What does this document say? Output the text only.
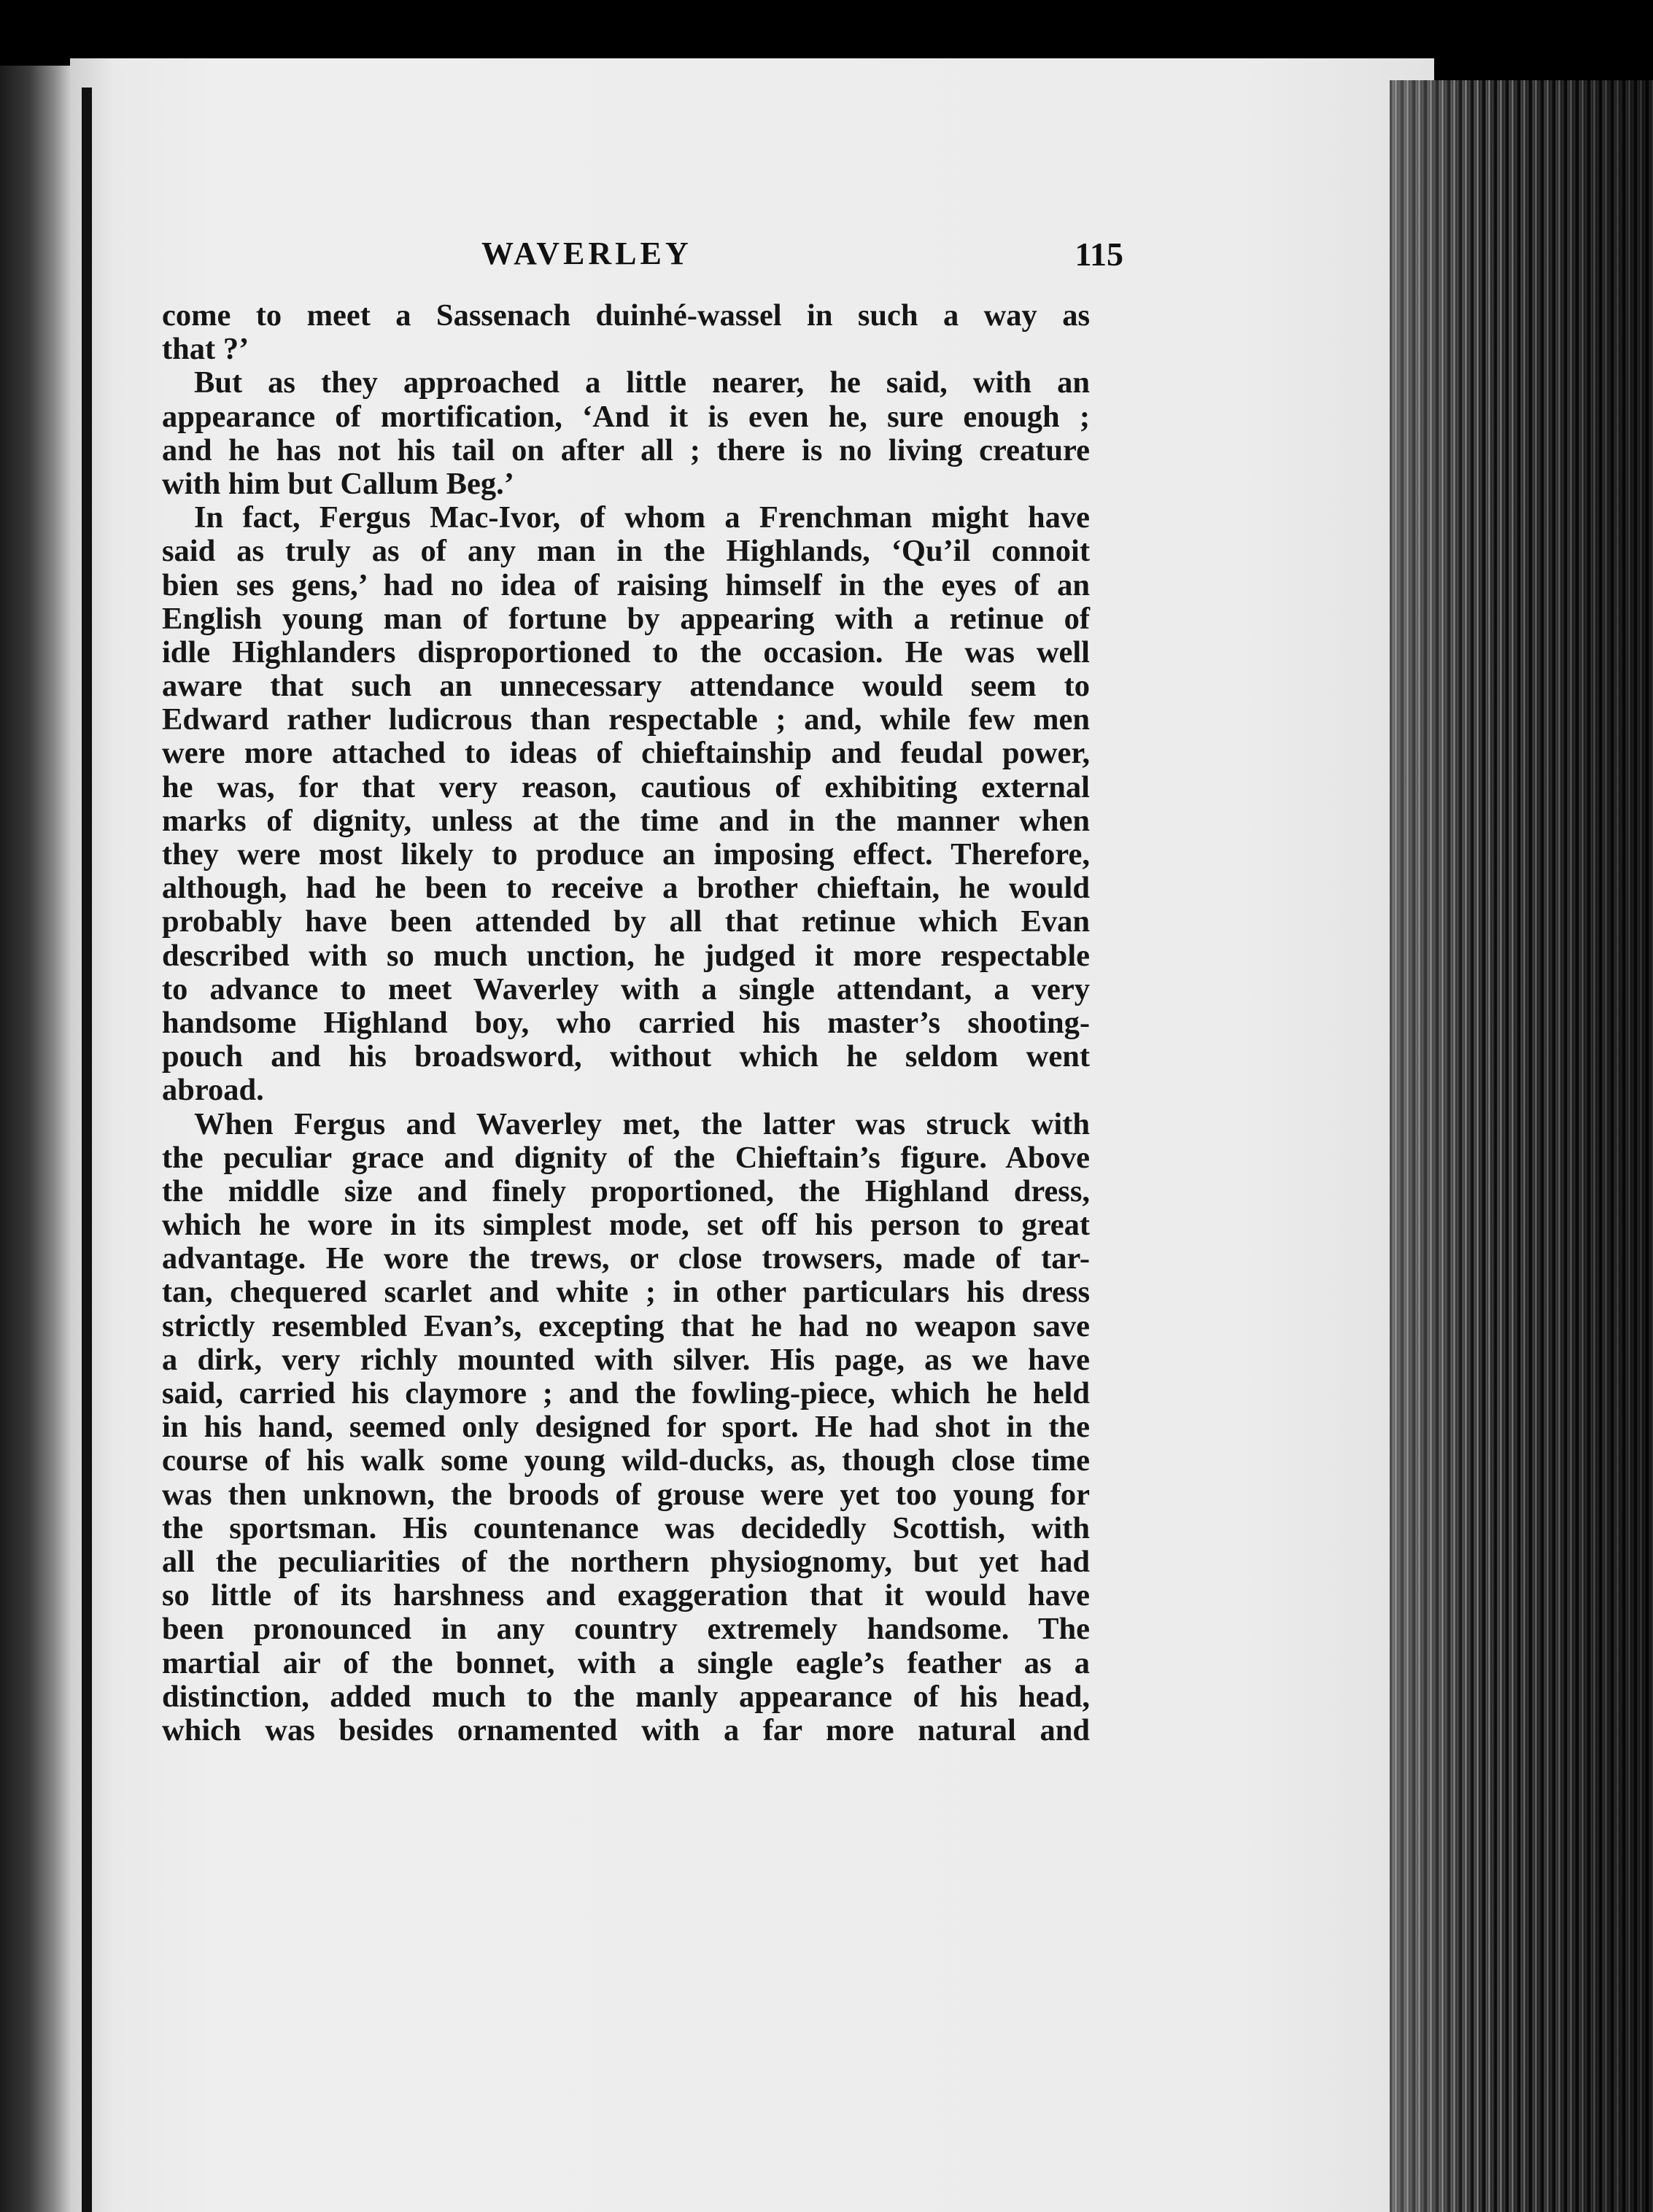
WAVERLEY	115
come to meet a Sassenach duinhé-wassel in such a way as
that ?’
But as they approached a little nearer, he said, with an
appearance of mortification, ‘And it is even he, sure enough ;
and he has not his tail on after all ; there is no living creature
with him but Callum Beg.’
In fact, Fergus Mac-Ivor, of whom a Frenchman might have
said as truly as of any man in the Highlands, ‘Qu’il connoit
bien ses gens,’ had no idea of raising himself in the eyes of an
English young man of fortune by appearing with a retinue of
idle Highlanders disproportioned to the occasion. He was well
aware that such an unnecessary attendance would seem to
Edward rather ludicrous than respectable ; and, while few men
were more attached to ideas of chieftainship and feudal power,
he was, for that very reason, cautious of exhibiting external
marks of dignity, unless at the time and in the manner when
they were most likely to produce an imposing effect. Therefore,
although, had he been to receive a brother chieftain, he would
probably have been attended by all that retinue which Evan
described with so much unction, he judged it more respectable
to advance to meet Waverley with a single attendant, a very
handsome Highland boy, who carried his master’s shooting-
pouch and his broadsword, without which he seldom went
abroad.
When Fergus and Waverley met, the latter was struck with
the peculiar grace and dignity of the Chieftain’s figure. Above
the middle size and finely proportioned, the Highland dress,
which he wore in its simplest mode, set off his person to great
advantage. He wore the trews, or close trowsers, made of tar-
tan, chequered scarlet and white ; in other particulars his dress
strictly resembled Evan’s, excepting that he had no weapon save
a dirk, very richly mounted with silver. His page, as we have
said, carried his claymore ; and the fowling-piece, which he held
in his hand, seemed only designed for sport. He had shot in the
course of his walk some young wild-ducks, as, though close time
was then unknown, the broods of grouse were yet too young for
the sportsman. His countenance was decidedly Scottish, with
all the peculiarities of the northern physiognomy, but yet had
so little of its harshness and exaggeration that it would have
been pronounced in any country extremely handsome. The
martial air of the bonnet, with a single eagle’s feather as a
distinction, added much to the manly appearance of his head,
which was besides ornamented with a far more natural and
